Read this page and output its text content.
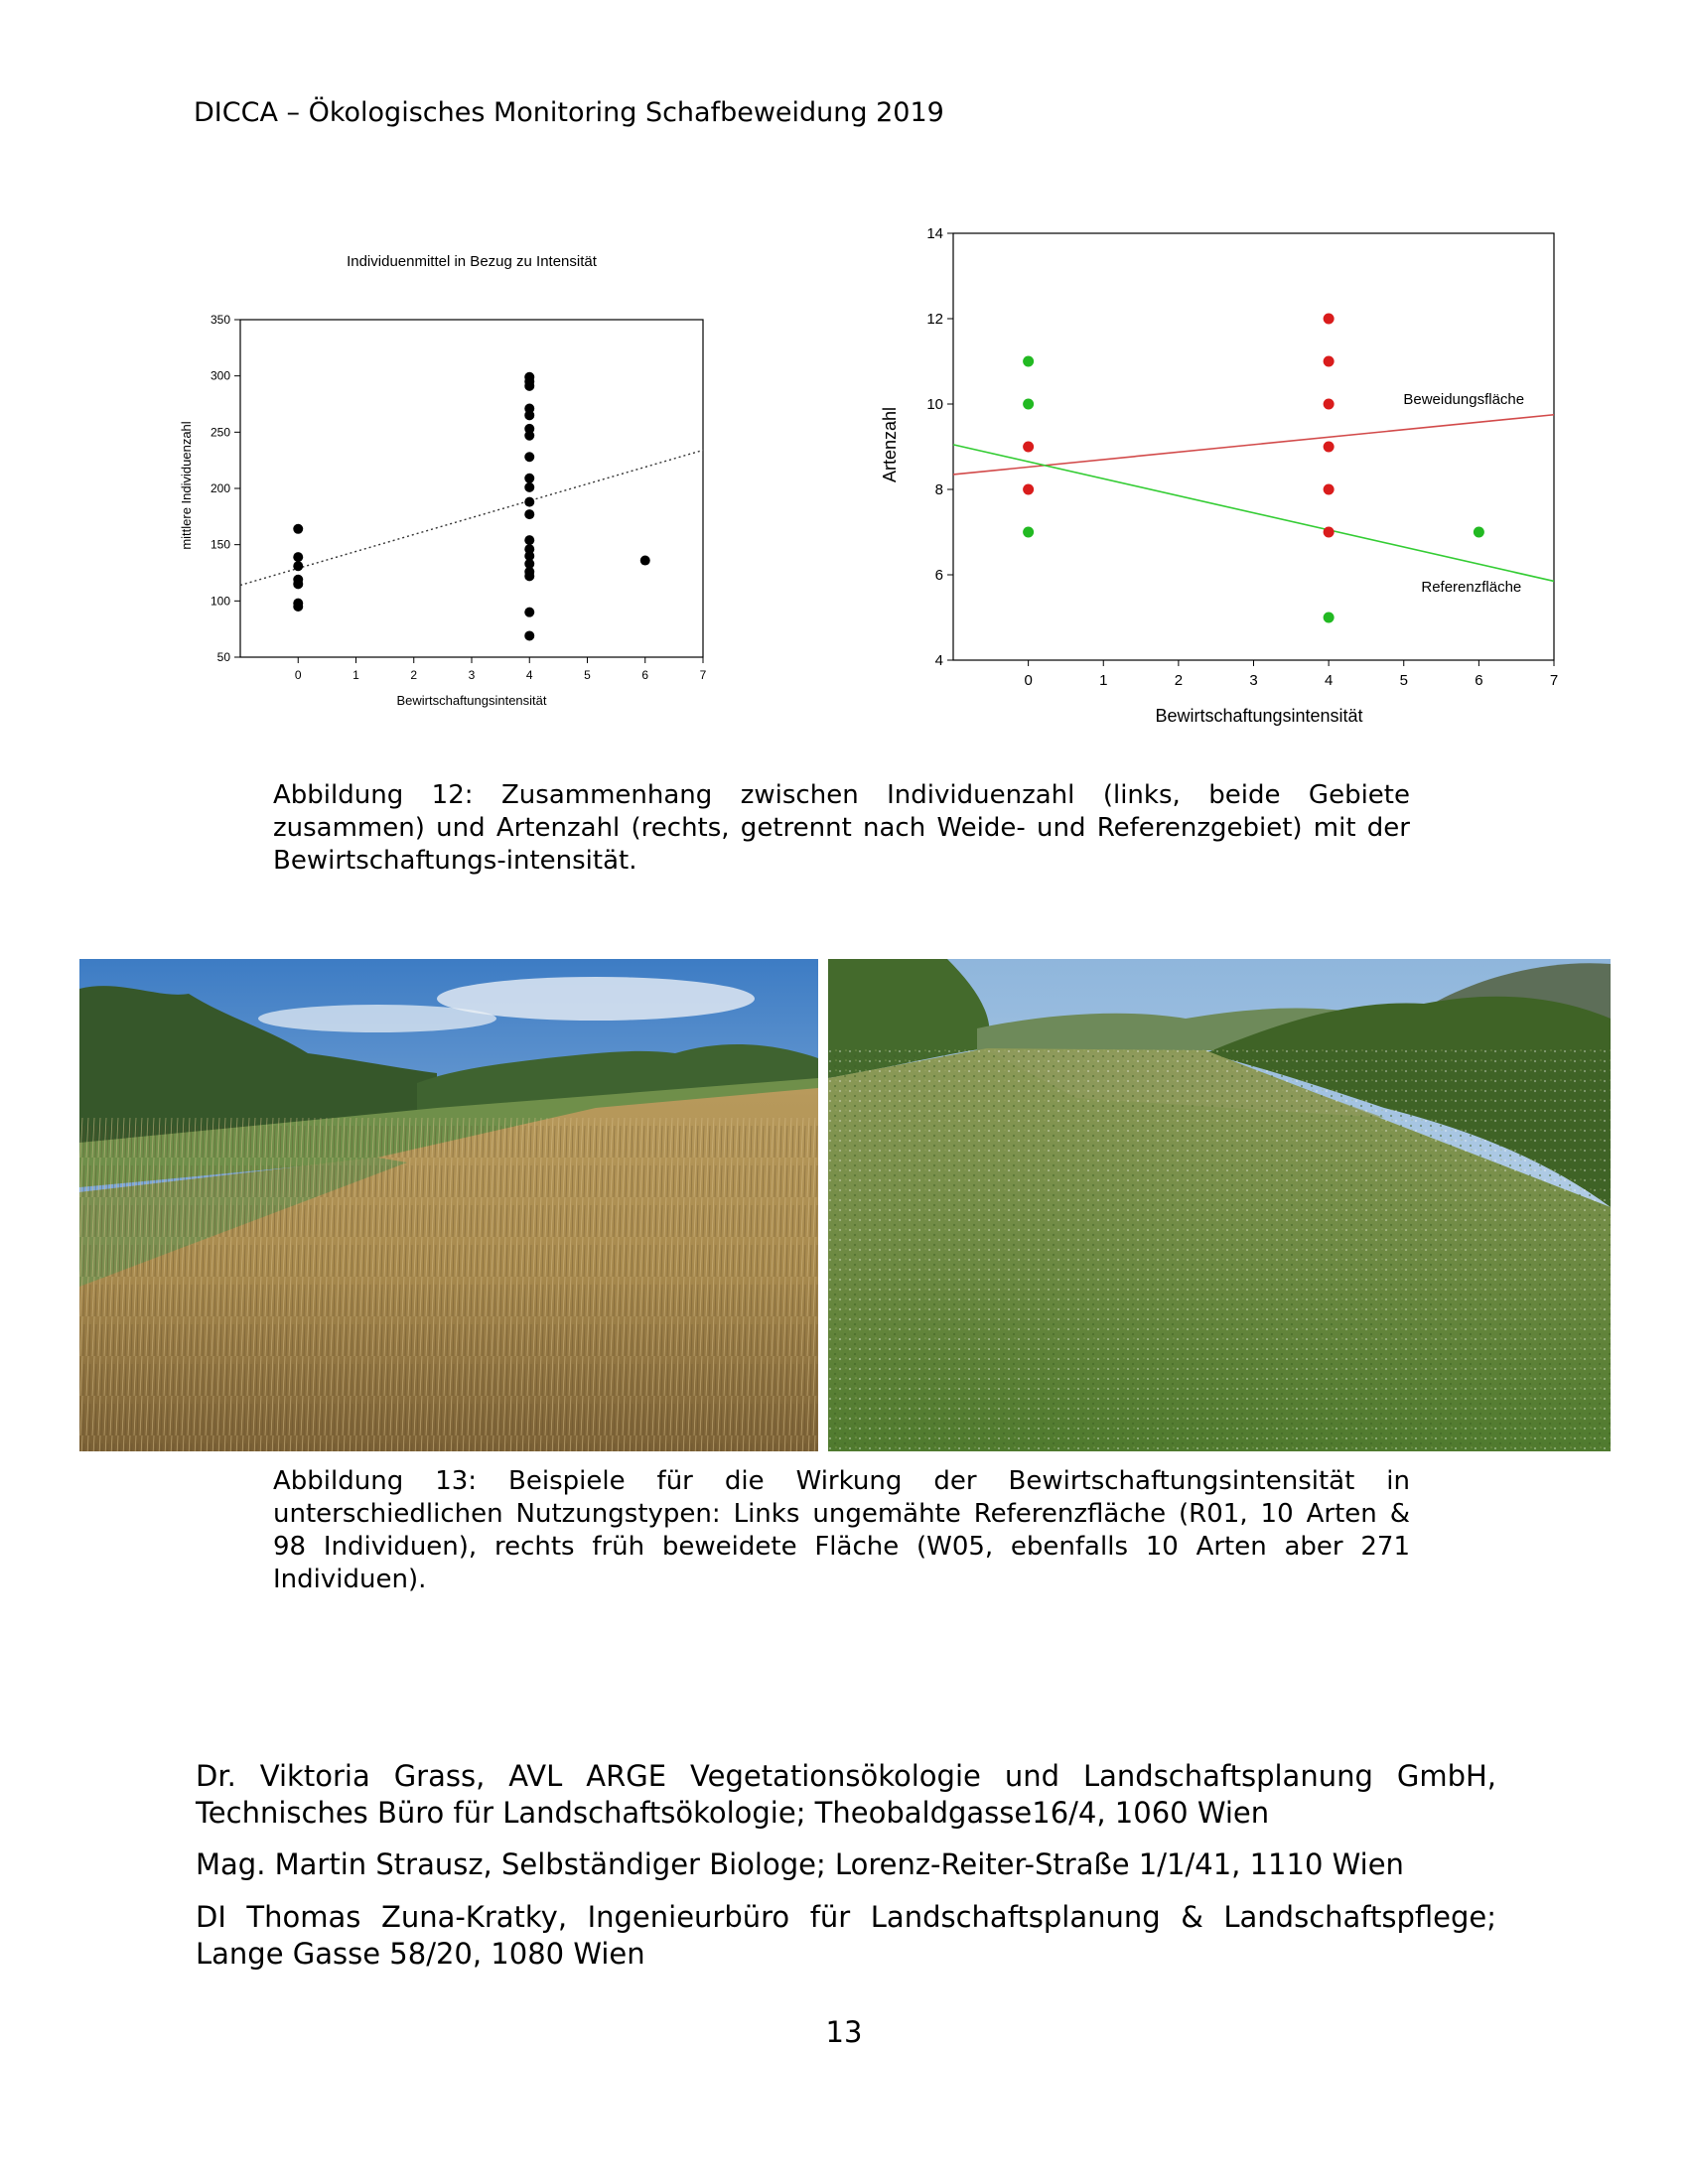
DICCA – Ökologisches Monitoring Schafbeweidung 2019
Individuenmittel in Bezug zu Intensität
Bewirtschaftungsintensität
mittlere Individuenzahl
0	1	2	3	4	5	6	7
50
100
150
200
250
300
350
Bewirtschaftungsintensität
Artenzahl
0	1	2	3	4	5	6	7
4
6
8
10
12
14
Beweidungsfläche
Referenzfläche
Abbildung 12: Zusammenhang zwischen Individuenzahl (links, beide Gebiete zusammen) und Artenzahl (rechts, getrennt nach Weide- und Referenzgebiet) mit der Bewirtschaftungs-intensität.
Abbildung 13: Beispiele für die Wirkung der Bewirtschaftungsintensität in unterschiedlichen Nutzungstypen: Links ungemähte Referenzfläche (R01, 10 Arten & 98 Individuen), rechts früh beweidete Fläche (W05, ebenfalls 10 Arten aber 271 Individuen).
Dr. Viktoria Grass, AVL ARGE Vegetationsökologie und Landschaftsplanung GmbH, Technisches Büro für Landschaftsökologie; Theobaldgasse16/4, 1060 Wien
Mag. Martin Strausz, Selbständiger Biologe; Lorenz-Reiter-Straße 1/1/41, 1110 Wien
DI Thomas Zuna-Kratky, Ingenieurbüro für Landschaftsplanung & Landschaftspflege; Lange Gasse 58/20, 1080 Wien
13
